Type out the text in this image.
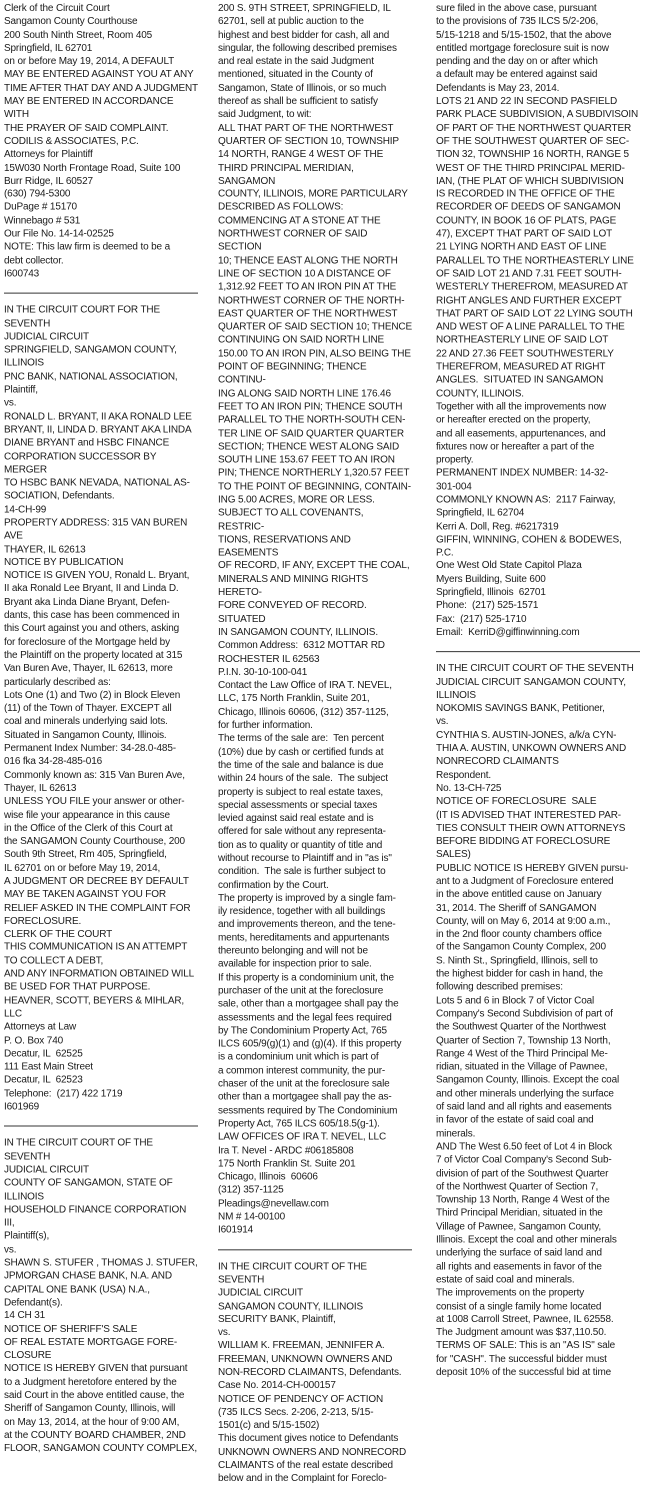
Clerk of the Circuit Court
Sangamon County Courthouse
200 South Ninth Street, Room 405
Springfield, IL 62701
on or before May 19, 2014, A DEFAULT
MAY BE ENTERED AGAINST YOU AT ANY
TIME AFTER THAT DAY AND A JUDGMENT
MAY BE ENTERED IN ACCORDANCE WITH
THE PRAYER OF SAID COMPLAINT.
CODILIS & ASSOCIATES, P.C.
Attorneys for Plaintiff
15W030 North Frontage Road, Suite 100
Burr Ridge, IL 60527
(630) 794-5300
DuPage # 15170
Winnebago # 531
Our File No. 14-14-02525
NOTE: This law firm is deemed to be a
debt collector.
I600743
IN THE CIRCUIT COURT FOR THE SEVENTH
JUDICIAL CIRCUIT
SPRINGFIELD, SANGAMON COUNTY,
ILLINOIS
PNC BANK, NATIONAL ASSOCIATION,
Plaintiff,
vs.
RONALD L. BRYANT, II AKA RONALD LEE
BRYANT, II, LINDA D. BRYANT AKA LINDA
DIANE BRYANT and HSBC FINANCE
CORPORATION SUCCESSOR BY MERGER
TO HSBC BANK NEVADA, NATIONAL AS-
SOCIATION, Defendants.
14-CH-99
PROPERTY ADDRESS: 315 VAN BUREN
AVE
THAYER, IL 62613
NOTICE BY PUBLICATION
NOTICE IS GIVEN YOU, Ronald L. Bryant,
II aka Ronald Lee Bryant, II and Linda D.
Bryant aka Linda Diane Bryant, Defen-
dants, this case has been commenced in
this Court against you and others, asking
for foreclosure of the Mortgage held by
the Plaintiff on the property located at 315
Van Buren Ave, Thayer, IL 62613, more
particularly described as:
Lots One (1) and Two (2) in Block Eleven
(11) of the Town of Thayer. EXCEPT all
coal and minerals underlying said lots.
Situated in Sangamon County, Illinois.
Permanent Index Number: 34-28.0-485-
016 fka 34-28-485-016
Commonly known as: 315 Van Buren Ave,
Thayer, IL 62613
UNLESS YOU FILE your answer or other-
wise file your appearance in this cause
in the Office of the Clerk of this Court at
the SANGAMON County Courthouse, 200
South 9th Street, Rm 405, Springfield,
IL 62701 on or before May 19, 2014,
A JUDGMENT OR DECREE BY DEFAULT
MAY BE TAKEN AGAINST YOU FOR
RELIEF ASKED IN THE COMPLAINT FOR
FORECLOSURE.
CLERK OF THE COURT
THIS COMMUNICATION IS AN ATTEMPT
TO COLLECT A DEBT,
AND ANY INFORMATION OBTAINED WILL
BE USED FOR THAT PURPOSE.
HEAVNER, SCOTT, BEYERS & MIHLAR, LLC
Attorneys at Law
P. O. Box 740
Decatur, IL  62525
111 East Main Street
Decatur, IL  62523
Telephone:  (217) 422 1719
I601969
IN THE CIRCUIT COURT OF THE SEVENTH
JUDICIAL CIRCUIT
COUNTY OF SANGAMON, STATE OF
ILLINOIS
HOUSEHOLD FINANCE CORPORATION III,
Plaintiff(s),
vs.
SHAWN S. STUFER , THOMAS J. STUFER,
JPMORGAN CHASE BANK, N.A. AND
CAPITAL ONE BANK (USA) N.A.,
Defendant(s).
14 CH 31
NOTICE OF SHERIFF'S SALE
OF REAL ESTATE MORTGAGE FORE-
CLOSURE
NOTICE IS HEREBY GIVEN that pursuant
to a Judgment heretofore entered by the
said Court in the above entitled cause, the
Sheriff of Sangamon County, Illinois, will
on May 13, 2014, at the hour of 9:00 AM,
at the COUNTY BOARD CHAMBER, 2ND
FLOOR, SANGAMON COUNTY COMPLEX,
200 S. 9TH STREET, SPRINGFIELD, IL
62701, sell at public auction to the
highest and best bidder for cash, all and
singular, the following described premises
and real estate in the said Judgment
mentioned, situated in the County of
Sangamon, State of Illinois, or so much
thereof as shall be sufficient to satisfy
said Judgment, to wit:
ALL THAT PART OF THE NORTHWEST
QUARTER OF SECTION 10, TOWNSHIP
14 NORTH, RANGE 4 WEST OF THE
THIRD PRINCIPAL MERIDIAN, SANGAMON
COUNTY, ILLINOIS, MORE PARTICULARY
DESCRIBED AS FOLLOWS:
COMMENCING AT A STONE AT THE
NORTHWEST CORNER OF SAID SECTION
10; THENCE EAST ALONG THE NORTH
LINE OF SECTION 10 A DISTANCE OF
1,312.92 FEET TO AN IRON PIN AT THE
NORTHWEST CORNER OF THE NORTH-
EAST QUARTER OF THE NORTHWEST
QUARTER OF SAID SECTION 10; THENCE
CONTINUING ON SAID NORTH LINE
150.00 TO AN IRON PIN, ALSO BEING THE
POINT OF BEGINNING; THENCE CONTINU-
ING ALONG SAID NORTH LINE 176.46
FEET TO AN IRON PIN; THENCE SOUTH
PARALLEL TO THE NORTH-SOUTH CEN-
TER LINE OF SAID QUARTER QUARTER
SECTION; THENCE WEST ALONG SAID
SOUTH LINE 153.67 FEET TO AN IRON
PIN; THENCE NORTHERLY 1,320.57 FEET
TO THE POINT OF BEGINNING, CONTAIN-
ING 5.00 ACRES, MORE OR LESS.
SUBJECT TO ALL COVENANTS, RESTRIC-
TIONS, RESERVATIONS AND EASEMENTS
OF RECORD, IF ANY, EXCEPT THE COAL,
MINERALS AND MINING RIGHTS HERETO-
FORE CONVEYED OF RECORD. SITUATED
IN SANGAMON COUNTY, ILLINOIS.
Common Address:  6312 MOTTAR RD
ROCHESTER IL 62563
P.I.N. 30-10-100-041
Contact the Law Office of IRA T. NEVEL,
LLC, 175 North Franklin, Suite 201,
Chicago, Illinois 60606, (312) 357-1125,
for further information.
The terms of the sale are:  Ten percent
(10%) due by cash or certified funds at
the time of the sale and balance is due
within 24 hours of the sale.  The subject
property is subject to real estate taxes,
special assessments or special taxes
levied against said real estate and is
offered for sale without any representa-
tion as to quality or quantity of title and
without recourse to Plaintiff and in "as is"
condition.  The sale is further subject to
confirmation by the Court.
The property is improved by a single fam-
ily residence, together with all buildings
and improvements thereon, and the tene-
ments, hereditaments and appurtenants
thereunto belonging and will not be
available for inspection prior to sale.
If this property is a condominium unit, the
purchaser of the unit at the foreclosure
sale, other than a mortgagee shall pay the
assessments and the legal fees required
by The Condominium Property Act, 765
ILCS 605/9(g)(1) and (g)(4). If this property
is a condominium unit which is part of
a common interest community, the pur-
chaser of the unit at the foreclosure sale
other than a mortgagee shall pay the as-
sessments required by The Condominium
Property Act, 765 ILCS 605/18.5(g-1).
LAW OFFICES OF IRA T. NEVEL, LLC
Ira T. Nevel - ARDC #06185808
175 North Franklin St. Suite 201
Chicago, Illinois  60606
(312) 357-1125
Pleadings@nevellaw.com
NM # 14-00100
I601914
IN THE CIRCUIT COURT OF THE SEVENTH
JUDICIAL CIRCUIT
SANGAMON COUNTY, ILLINOIS
SECURITY BANK, Plaintiff,
vs.
WILLIAM K. FREEMAN, JENNIFER A.
FREEMAN, UNKNOWN OWNERS AND
NON-RECORD CLAIMANTS, Defendants.
Case No. 2014-CH-000157
NOTICE OF PENDENCY OF ACTION
(735 ILCS Secs. 2-206, 2-213, 5/15-
1501(c) and 5/15-1502)
This document gives notice to Defendants
UNKNOWN OWNERS AND NONRECORD
CLAIMANTS of the real estate described
below and in the Complaint for Foreclo-
sure filed in the above case, pursuant
to the provisions of 735 ILCS 5/2-206,
5/15-1218 and 5/15-1502, that the above
entitled mortgage foreclosure suit is now
pending and the day on or after which
a default may be entered against said
Defendants is May 23, 2014.
LOTS 21 AND 22 IN SECOND PASFIELD
PARK PLACE SUBDIVISION, A SUBDIVISOIN
OF PART OF THE NORTHWEST QUARTER
OF THE SOUTHWEST QUARTER OF SEC-
TION 32, TOWNSHIP 16 NORTH, RANGE 5
WEST OF THE THIRD PRINCIPAL MERID-
IAN, (THE PLAT OF WHICH SUBDIVISION
IS RECORDED IN THE OFFICE OF THE
RECORDER OF DEEDS OF SANGAMON
COUNTY, IN BOOK 16 OF PLATS, PAGE
47), EXCEPT THAT PART OF SAID LOT
21 LYING NORTH AND EAST OF LINE
PARALLEL TO THE NORTHEASTERLY LINE
OF SAID LOT 21 AND 7.31 FEET SOUTH-
WESTERLY THEREFROM, MEASURED AT
RIGHT ANGLES AND FURTHER EXCEPT
THAT PART OF SAID LOT 22 LYING SOUTH
AND WEST OF A LINE PARALLEL TO THE
NORTHEASTERLY LINE OF SAID LOT
22 AND 27.36 FEET SOUTHWESTERLY
THEREFROM, MEASURED AT RIGHT
ANGLES.  SITUATED IN SANGAMON
COUNTY, ILLINOIS.
Together with all the improvements now
or hereafter erected on the property,
and all easements, appurtenances, and
fixtures now or hereafter a part of the
property.
PERMANENT INDEX NUMBER: 14-32-
301-004
COMMONLY KNOWN AS:  2117 Fairway,
Springfield, IL 62704
Kerri A. Doll, Reg. #6217319
GIFFIN, WINNING, COHEN & BODEWES,
P.C.
One West Old State Capitol Plaza
Myers Building, Suite 600
Springfield, Illinois  62701
Phone:  (217) 525-1571
Fax:  (217) 525-1710
Email:  KerriD@giffinwinning.com
IN THE CIRCUIT COURT OF THE SEVENTH
JUDICIAL CIRCUIT SANGAMON COUNTY,
ILLINOIS
NOKOMIS SAVINGS BANK, Petitioner,
vs.
CYNTHIA S. AUSTIN-JONES, a/k/a CYN-
THIA A. AUSTIN, UNKOWN OWNERS AND
NONRECORD CLAIMANTS
Respondent.
No. 13-CH-725
NOTICE OF FORECLOSURE  SALE
(IT IS ADVISED THAT INTERESTED PAR-
TIES CONSULT THEIR OWN ATTORNEYS
BEFORE BIDDING AT FORECLOSURE
SALES)
PUBLIC NOTICE IS HEREBY GIVEN pursu-
ant to a Judgment of Foreclosure entered
in the above entitled cause on January
31, 2014. The Sheriff of SANGAMON
County, will on May 6, 2014 at 9:00 a.m.,
in the 2nd floor county chambers office
of the Sangamon County Complex, 200
S. Ninth St., Springfield, Illinois, sell to
the highest bidder for cash in hand, the
following described premises:
Lots 5 and 6 in Block 7 of Victor Coal
Company's Second Subdivision of part of
the Southwest Quarter of the Northwest
Quarter of Section 7, Township 13 North,
Range 4 West of the Third Principal Me-
ridian, situated in the Village of Pawnee,
Sangamon County, Illinois. Except the coal
and other minerals underlying the surface
of said land and all rights and easements
in favor of the estate of said coal and
minerals.
AND The West 6.50 feet of Lot 4 in Block
7 of Victor Coal Company's Second Sub-
division of part of the Southwest Quarter
of the Northwest Quarter of Section 7,
Township 13 North, Range 4 West of the
Third Principal Meridian, situated in the
Village of Pawnee, Sangamon County,
Illinois. Except the coal and other minerals
underlying the surface of said land and
all rights and easements in favor of the
estate of said coal and minerals.
The improvements on the property
consist of a single family home located
at 1008 Carroll Street, Pawnee, IL 62558.
The Judgment amount was $37,110.50.
TERMS OF SALE: This is an "AS IS" sale
for "CASH". The successful bidder must
deposit 10% of the successful bid at time
